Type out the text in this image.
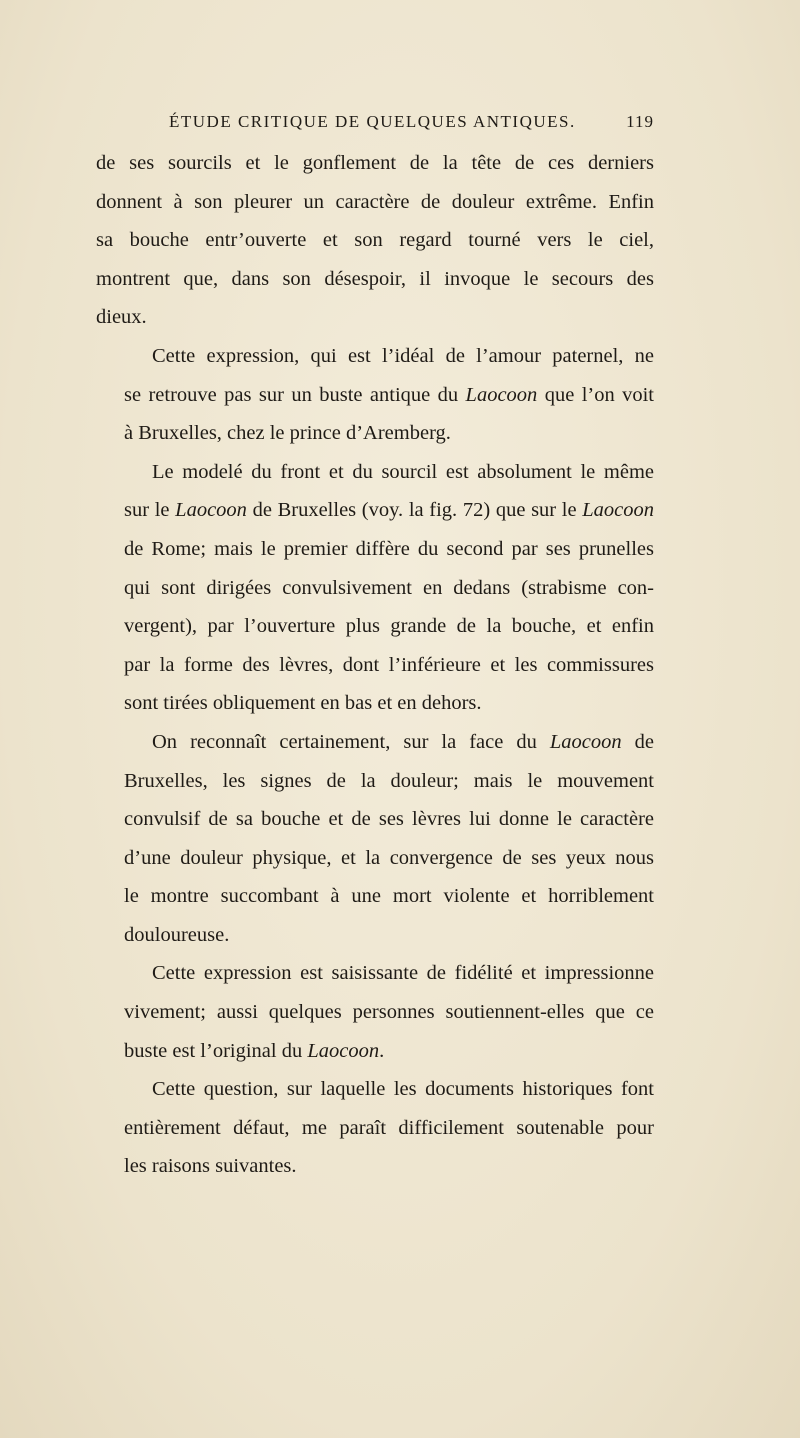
ÉTUDE CRITIQUE DE QUELQUES ANTIQUES.	119
de ses sourcils et le gonflement de la tête de ces derniers
donnent à son pleurer un caractère de douleur extrême. Enfin
sa bouche entr’ouverte et son regard tourné vers le ciel,
montrent que, dans son désespoir, il invoque le secours des
dieux.
Cette expression, qui est l’idéal de l’amour paternel, ne
se retrouve pas sur un buste antique du Laocoon que l’on voit
à Bruxelles, chez le prince d’Aremberg.
Le modelé du front et du sourcil est absolument le même
sur le Laocoon de Bruxelles (voy. la fig. 72) que sur le Laocoon
de Rome; mais le premier diffère du second par ses prunelles
qui sont dirigées convulsivement en dedans (strabisme con-
vergent), par l’ouverture plus grande de la bouche, et enfin
par la forme des lèvres, dont l’inférieure et les commissures
sont tirées obliquement en bas et en dehors.
On reconnaît certainement, sur la face du Laocoon de
Bruxelles, les signes de la douleur; mais le mouvement
convulsif de sa bouche et de ses lèvres lui donne le caractère
d’une douleur physique, et la convergence de ses yeux nous
le montre succombant à une mort violente et horriblement
douloureuse.
Cette expression est saisissante de fidélité et impressionne
vivement; aussi quelques personnes soutiennent-elles que ce
buste est l’original du Laocoon.
Cette question, sur laquelle les documents historiques font
entièrement défaut, me paraît difficilement soutenable pour
les raisons suivantes.
